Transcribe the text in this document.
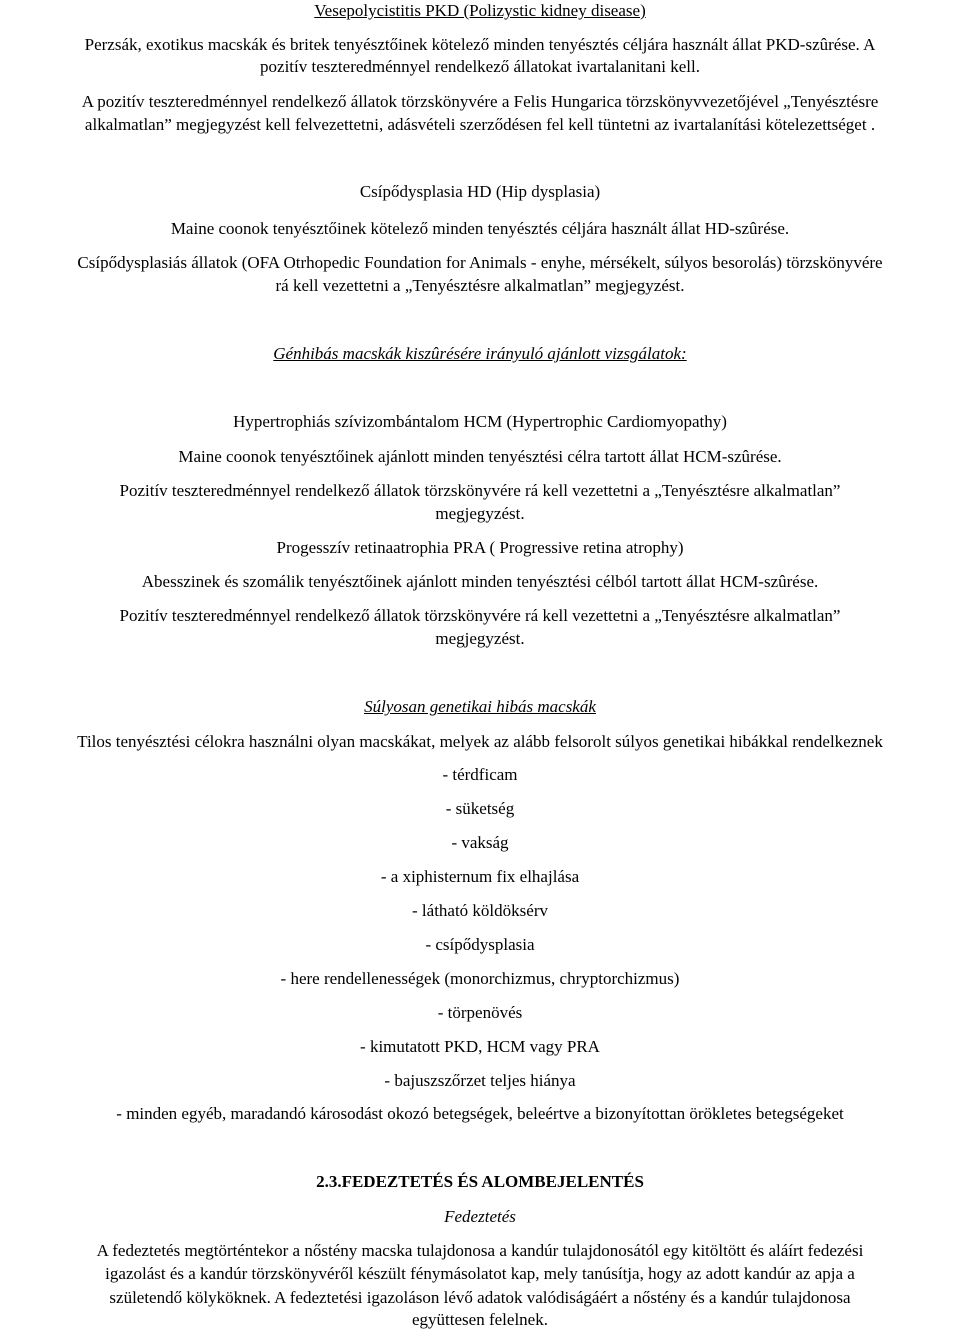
Vesepolycistitis PKD (Polizystic kidney disease)
Perzsák, exotikus macskák és britek tenyésztőinek kötelező minden tenyésztés céljára használt állat PKD-szûrése. A
pozitív teszteredménnyel rendelkező állatokat ivartalanitani kell.
A pozitív teszteredménnyel rendelkező állatok törzskönyvére a Felis Hungarica törzskönyvvezetőjével „Tenyésztésre
alkalmatlan” megjegyzést kell felvezettetni, adásvételi szerződésen fel kell tüntetni az ivartalanítási kötelezettséget .
Csípődysplasia HD (Hip dysplasia)
Maine coonok tenyésztőinek kötelező minden tenyésztés céljára használt állat HD-szûrése.
Csípődysplasiás állatok (OFA Otrhopedic Foundation for Animals - enyhe, mérsékelt, súlyos besorolás) törzskönyvére
rá kell vezettetni a „Tenyésztésre alkalmatlan” megjegyzést.
Génhibás macskák kiszûrésére irányuló ajánlott vizsgálatok:
Hypertrophiás szívizombántalom HCM (Hypertrophic Cardiomyopathy)
Maine coonok tenyésztőinek ajánlott minden tenyésztési célra tartott állat HCM-szûrése.
Pozitív teszteredménnyel rendelkező állatok törzskönyvére rá kell vezettetni a „Tenyésztésre alkalmatlan”
megjegyzést.
Progesszív retinaatrophia PRA ( Progressive retina atrophy)
Abesszinek és szomálik tenyésztőinek ajánlott minden tenyésztési célból tartott állat HCM-szûrése.
Pozitív teszteredménnyel rendelkező állatok törzskönyvére rá kell vezettetni a „Tenyésztésre alkalmatlan”
megjegyzést.
Súlyosan genetikai hibás macskák
Tilos tenyésztési célokra használni olyan macskákat, melyek az alább felsorolt súlyos genetikai hibákkal rendelkeznek
- térdficam
- süketség
- vakság
- a xiphisternum fix elhajlása
- látható köldöksérv
- csípődysplasia
- here rendellenességek (monorchizmus, chryptorchizmus)
- törpenövés
- kimutatott PKD, HCM vagy PRA
- bajuszszőrzet teljes hiánya
- minden egyéb, maradandó károsodást okozó betegségek, beleértve a bizonyítottan örökletes betegségeket
2.3.FEDEZTETÉS ÉS ALOMBEJELENTÉS
Fedeztetés
A fedeztetés megtörténtekor a nőstény macska tulajdonosa a kandúr tulajdonosától egy kitöltött és aláírt fedezési
igazolást és a kandúr törzskönyvéről készült fénymásolatot kap, mely tanúsítja, hogy az adott kandúr az apja a
születendő kölyköknek. A fedeztetési igazoláson lévő adatok valódiságáért a nőstény és a kandúr tulajdonosa
együttesen felelnek.
